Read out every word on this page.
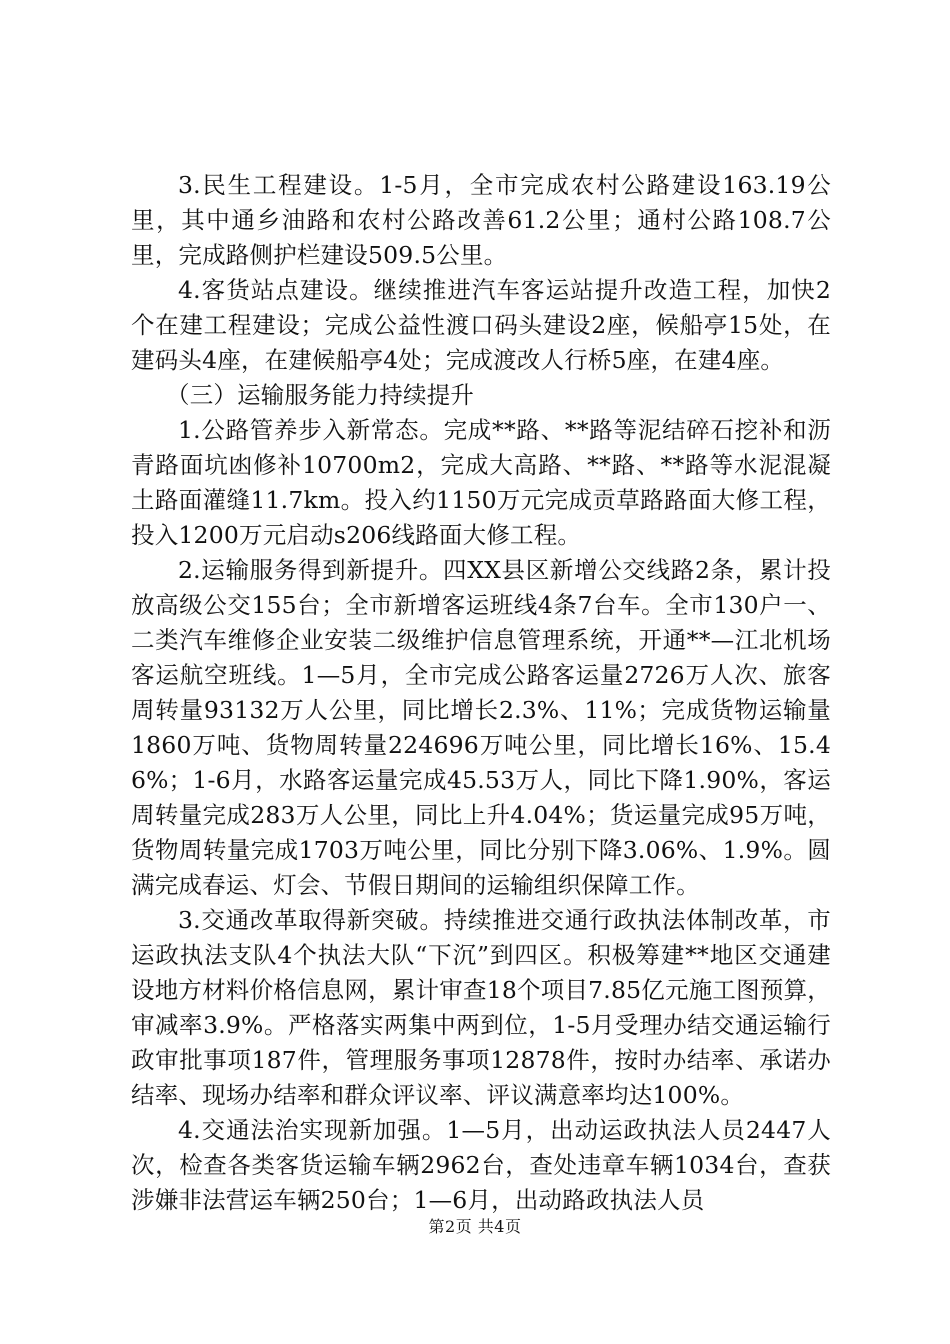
3.民生工程建设。1-5月，全市完成农村公路建设163.19公里，其中通乡油路和农村公路改善61.2公里；通村公路108.7公里，完成路侧护栏建设509.5公里。

4.客货站点建设。继续推进汽车客运站提升改造工程，加快2个在建工程建设；完成公益性渡口码头建设2座，候船亭15处，在建码头4座，在建候船亭4处；完成渡改人行桥5座，在建4座。

（三）运输服务能力持续提升

1.公路管养步入新常态。完成**路、**路等泥结碎石挖补和沥青路面坑凼修补10700m2，完成大高路、**路、**路等水泥混凝土路面灌缝11.7km。投入约1150万元完成贡草路路面大修工程，投入1200万元启动s206线路面大修工程。

2.运输服务得到新提升。四XX县区新增公交线路2条，累计投放高级公交155台；全市新增客运班线4条7台车。全市130户一、二类汽车维修企业安装二级维护信息管理系统，开通**—江北机场客运航空班线。1—5月，全市完成公路客运量2726万人次、旅客周转量93132万人公里，同比增长2.3%、11%；完成货物运输量1860万吨、货物周转量224696万吨公里，同比增长16%、15.46%；1-6月，水路客运量完成45.53万人，同比下降1.90%，客运周转量完成283万人公里，同比上升4.04%；货运量完成95万吨，货物周转量完成1703万吨公里，同比分别下降3.06%、1.9%。圆满完成春运、灯会、节假日期间的运输组织保障工作。

3.交通改革取得新突破。持续推进交通行政执法体制改革，市运政执法支队4个执法大队“下沉”到四区。积极筹建**地区交通建设地方材料价格信息网，累计审查18个项目7.85亿元施工图预算，审减率3.9%。严格落实两集中两到位，1-5月受理办结交通运输行政审批事项187件，管理服务事项12878件，按时办结率、承诺办结率、现场办结率和群众评议率、评议满意率均达100%。

4.交通法治实现新加强。1—5月，出动运政执法人员2447人次，检查各类客货运输车辆2962台，查处违章车辆1034台，查获涉嫌非法营运车辆250台；1—6月，出动路政执法人员

第2页 共4页
